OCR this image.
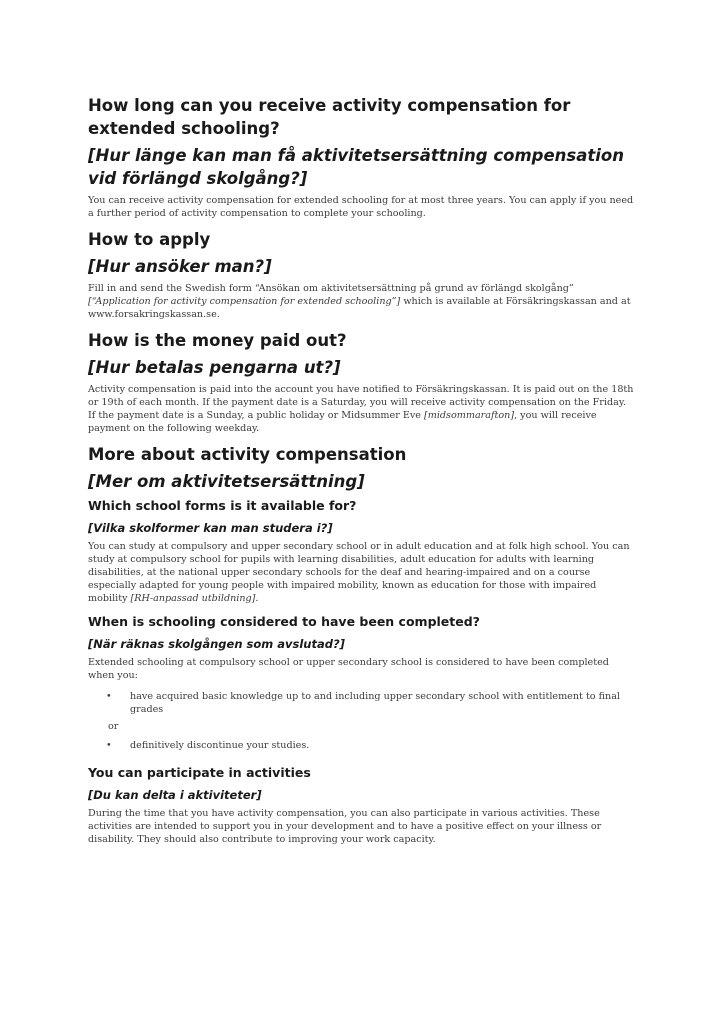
How long can you receive activity compensation for extended schooling?
[Hur länge kan man få aktivitetsersättning compensation vid förlängd skolgång?]

You can receive activity compensation for extended schooling for at most three years. You can apply if you need a further period of activity compensation to complete your schooling.

How to apply
[Hur ansöker man?]

Fill in and send the Swedish form “Ansökan om aktivitetsersättning på grund av förlängd skolgång” [“Application for activity compensation for extended schooling”] which is available at Försäkringskassan and at www.forsakringskassan.se.

How is the money paid out?
[Hur betalas pengarna ut?]

Activity compensation is paid into the account you have notified to Försäkringskassan. It is paid out on the 18th or 19th of each month. If the payment date is a Saturday, you will receive activity compensation on the Friday. If the payment date is a Sunday, a public holiday or Midsummer Eve [midsommarafton], you will receive payment on the following weekday.

More about activity compensation
[Mer om aktivitetsersättning]
Which school forms is it available for?
[Vilka skolformer kan man studera i?]

You can study at compulsory and upper secondary school or in adult education and at folk high school. You can study at compulsory school for pupils with learning disabilities, adult education for adults with learning disabilities, at the national upper secondary schools for the deaf and hearing-impaired and on a course especially adapted for young people with impaired mobility, known as education for those with impaired mobility [RH-anpassad utbildning].

When is schooling considered to have been completed?
[När räknas skolgången som avslutad?]

Extended schooling at compulsory school or upper secondary school is considered to have been completed when you:

• have acquired basic knowledge up to and including upper secondary school with entitlement to final grades
or
• definitively discontinue your studies.
You can participate in activities
[Du kan delta i aktiviteter]

During the time that you have activity compensation, you can also participate in various activities. These activities are intended to support you in your development and to have a positive effect on your illness or disability. They should also contribute to improving your work capacity.
